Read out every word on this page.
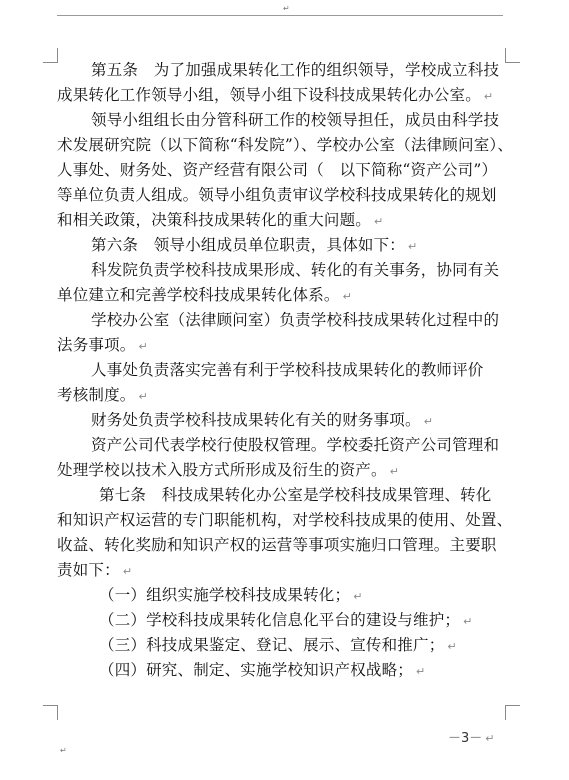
↵
第五条　为了加强成果转化工作的组织领导，学校成立科技
成果转化工作领导小组，领导小组下设科技成果转化办公室。 ↵
领导小组组长由分管科研工作的校领导担任，成员由科学技
术发展研究院（以下简称“科发院”）、学校办公室（法律顾问室）、
人事处、财务处、资产经营有限公司（　以下简称“资产公司”）
等单位负责人组成。领导小组负责审议学校科技成果转化的规划
和相关政策，决策科技成果转化的重大问题。 ↵
第六条　领导小组成员单位职责，具体如下： ↵
科发院负责学校科技成果形成、转化的有关事务，协同有关
单位建立和完善学校科技成果转化体系。 ↵
学校办公室（法律顾问室）负责学校科技成果转化过程中的
法务事项。 ↵
人事处负责落实完善有利于学校科技成果转化的教师评价
考核制度。 ↵
财务处负责学校科技成果转化有关的财务事项。 ↵
资产公司代表学校行使股权管理。学校委托资产公司管理和
处理学校以技术入股方式所形成及衍生的资产。 ↵
第七条　科技成果转化办公室是学校科技成果管理、转化
和知识产权运营的专门职能机构，对学校科技成果的使用、处置、
收益、转化奖励和知识产权的运营等事项实施归口管理。主要职
责如下： ↵
（一）组织实施学校科技成果转化； ↵
（二）学校科技成果转化信息化平台的建设与维护； ↵
（三）科技成果鉴定、登记、展示、宣传和推广； ↵
（四）研究、制定、实施学校知识产权战略； ↵
－3－ ↵
↵
